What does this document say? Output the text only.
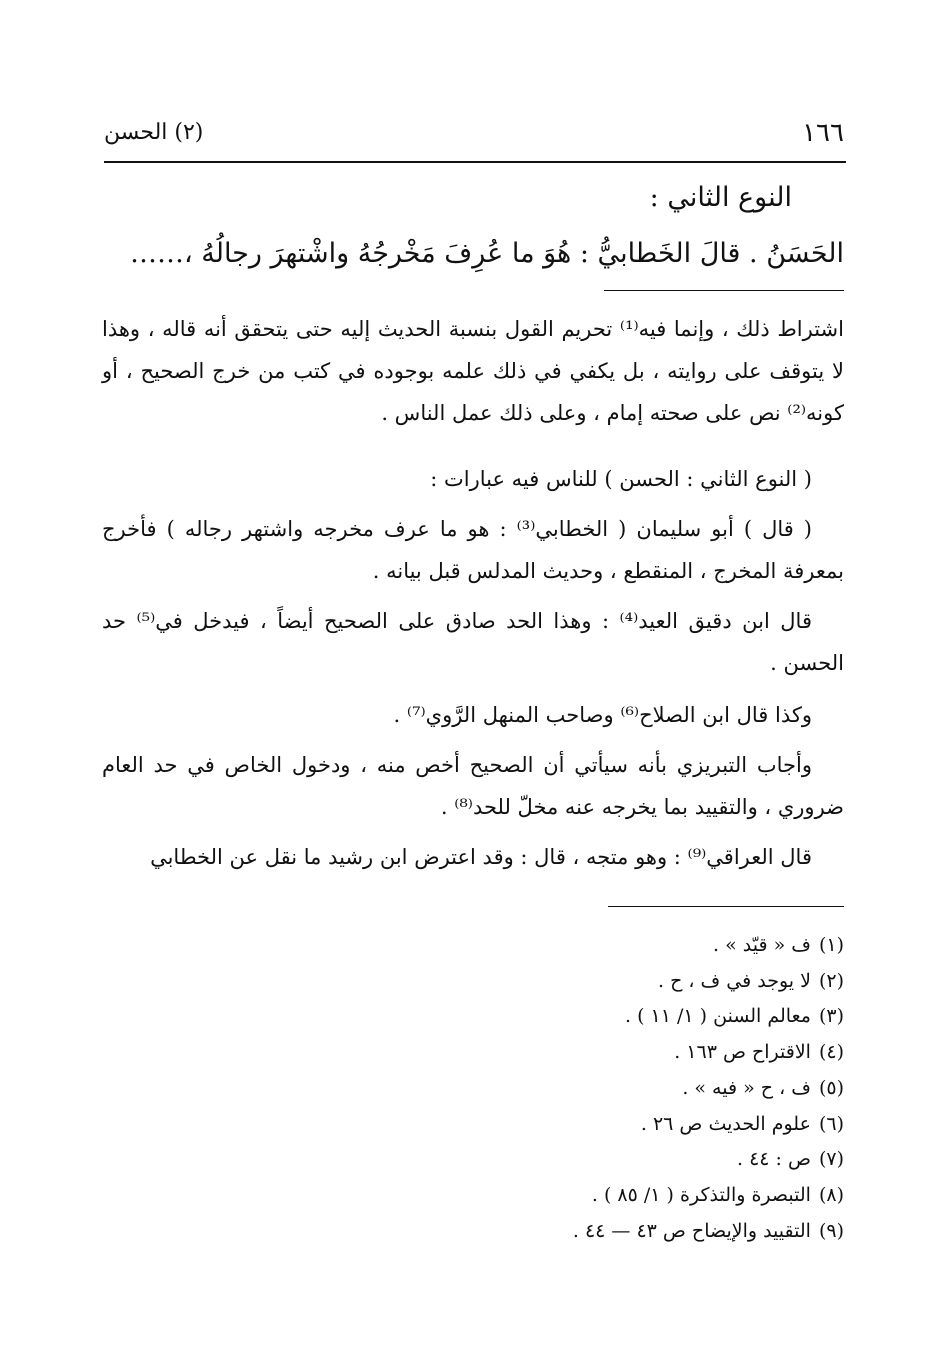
١٦٦
(٢) الحسن
النوع الثاني :
الحَسَنُ . قالَ الخَطابيُّ : هُوَ ما عُرِفَ مَخْرجُهُ واشْتهرَ رجالُهُ ،……

اشتراط ذلك ، وإنما فيه⁽¹⁾ تحريم القول بنسبة الحديث إليه حتى يتحقق أنه قاله ، وهذا لا يتوقف على روايته ، بل يكفي في ذلك علمه بوجوده في كتب من خرج الصحيح ، أو كونه⁽²⁾ نص على صحته إمام ، وعلى ذلك عمل الناس .

( النوع الثاني : الحسن ) للناس فيه عبارات :

( قال ) أبو سليمان ( الخطابي⁽³⁾ : هو ما عرف مخرجه واشتهر رجاله ) فأخرج بمعرفة المخرج ، المنقطع ، وحديث المدلس قبل بيانه .

قال ابن دقيق العيد⁽⁴⁾ : وهذا الحد صادق على الصحيح أيضاً ، فيدخل في⁽⁵⁾ حد الحسن .

وكذا قال ابن الصلاح⁽⁶⁾ وصاحب المنهل الرَّوي⁽⁷⁾ .

وأجاب التبريزي بأنه سيأتي أن الصحيح أخص منه ، ودخول الخاص في حد العام ضروري ، والتقييد بما يخرجه عنه مخلّ للحد⁽⁸⁾ .

قال العراقي⁽⁹⁾ : وهو متجه ، قال : وقد اعترض ابن رشيد ما نقل عن الخطابي

(١)ف « قيّد » .
(٢)لا يوجد في ف ، ح .
(٣)معالم السنن ( ١/ ١١ ) .
(٤)الاقتراح ص ١٦٣ .
(٥)ف ، ح « فيه » .
(٦)علوم الحديث ص ٢٦ .
(٧)ص : ٤٤ .
(٨)التبصرة والتذكرة ( ١/ ٨٥ ) .
(٩)التقييد والإيضاح ص ٤٣ — ٤٤ .
